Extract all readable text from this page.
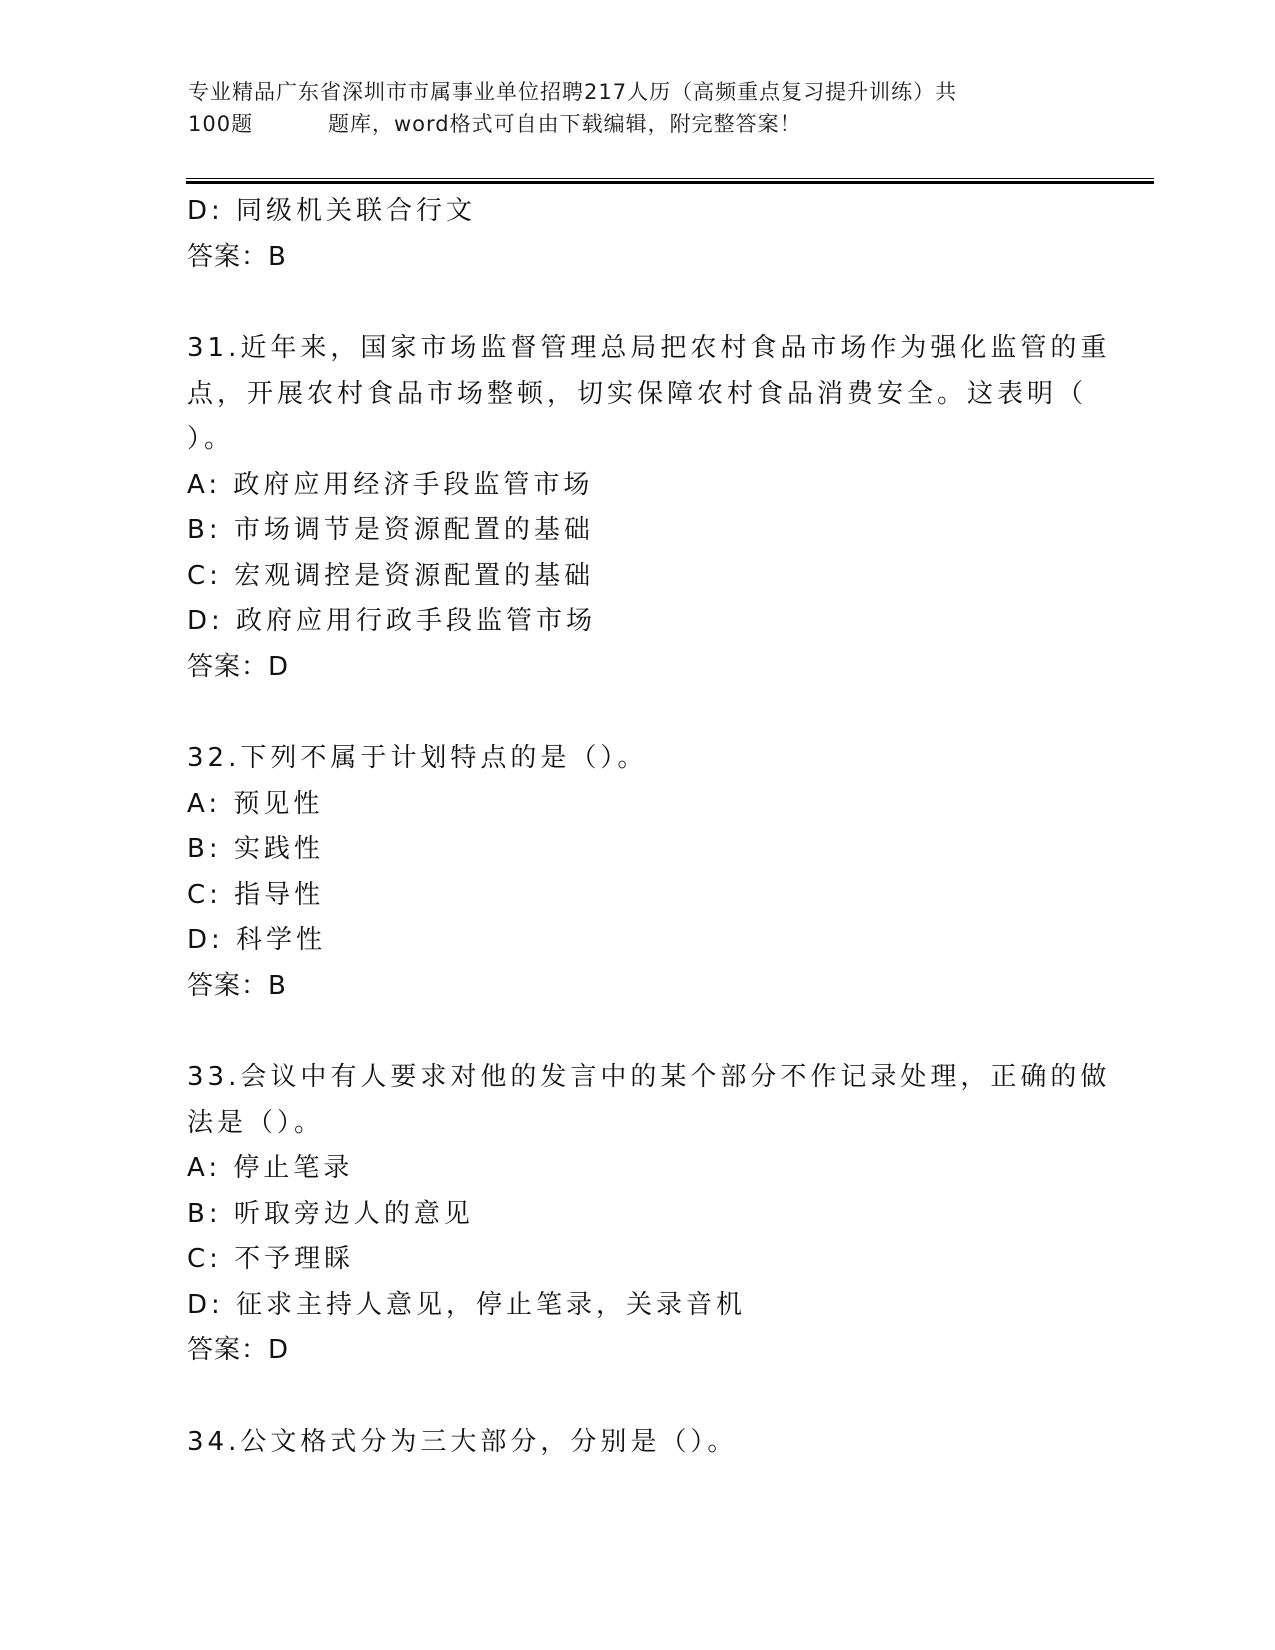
专业精品广东省深圳市市属事业单位招聘217人历（高频重点复习提升训练）共
100题	题库，word格式可自由下载编辑，附完整答案！
D: 同级机关联合行文
答案：B
31.近年来，国家市场监督管理总局把农村食品市场作为强化监管的重
点，开展农村食品市场整顿，切实保障农村食品消费安全。这表明（
）。
A: 政府应用经济手段监管市场
B: 市场调节是资源配置的基础
C: 宏观调控是资源配置的基础
D: 政府应用行政手段监管市场
答案：D
32.下列不属于计划特点的是（）。
A: 预见性
B: 实践性
C: 指导性
D: 科学性
答案：B
33.会议中有人要求对他的发言中的某个部分不作记录处理，正确的做
法是（）。
A: 停止笔录
B: 听取旁边人的意见
C: 不予理睬
D: 征求主持人意见，停止笔录，关录音机
答案：D
34.公文格式分为三大部分，分别是（）。
